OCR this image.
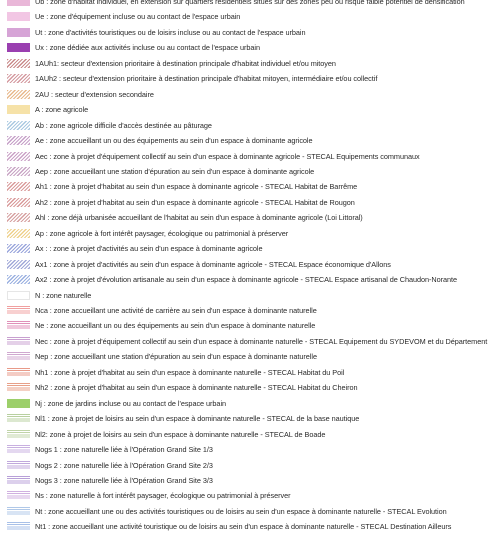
Ub : zone d'habitat individuel, en extension sur quartiers résidentiels situés sur des zones peu ou risque faible potentiel de densification
Ue : zone d'équipement incluse ou au contact de l'espace urbain
Ut : zone d'activités touristiques ou de loisirs incluse ou au contact de l'espace urbain
Ux : zone dédiée aux activités incluse ou au contact de l'espace urbain
1AUh1: secteur d'extension prioritaire à destination principale d'habitat individuel et/ou mitoyen
1AUh2 : secteur d'extension prioritaire à destination principale d'habitat mitoyen, intermédiaire et/ou collectif
2AU : secteur d'extension secondaire
A : zone agricole
Ab : zone agricole difficile d'accès destinée au pâturage
Ae : zone accueillant un ou des équipements au sein d'un espace à dominante agricole
Aec : zone à projet d'équipement collectif au sein d'un espace à dominante agricole - STECAL Equipements communaux
Aep : zone accueillant une station d'épuration au sein d'un espace à dominante agricole
Ah1 : zone à projet d'habitat au sein d'un espace à dominante agricole - STECAL Habitat de Barrême
Ah2 : zone à projet d'habitat au sein d'un espace à dominante agricole - STECAL Habitat de Rougon
Ahl : zone déjà urbanisée accueillant de l'habitat au sein d'un espace à dominante agricole (Loi Littoral)
Ap : zone agricole à fort intérêt paysager, écologique ou patrimonial à préserver
Ax : : zone à projet d'activités au sein d'un espace à dominante agricole
Ax1 : zone à projet d'activités au sein d'un espace à dominante agricole - STECAL Espace économique d'Allons
Ax2 : zone à projet d'évolution artisanale au sein d'un espace à dominante agricole - STECAL Espace artisanal de Chaudon-Norante
N : zone naturelle
Nca : zone accueillant une activité de carrière au sein d'un espace à dominante naturelle
Ne : zone accueillant un ou des équipements au sein d'un espace à dominante naturelle
Nec : zone à projet d'équipement collectif au sein d'un espace à dominante naturelle - STECAL Equipement du SYDEVOM et du Département
Nep : zone accueillant une station d'épuration au sein d'un espace à dominante naturelle
Nh1 : zone à projet d'habitat au sein d'un espace à dominante naturelle - STECAL Habitat du Poil
Nh2 : zone à projet d'habitat au sein d'un espace à dominante naturelle - STECAL Habitat du Cheiron
Nj : zone de jardins incluse ou au contact de l'espace urbain
Nl1 : zone à projet de loisirs au sein d'un espace à dominante naturelle - STECAL de la base nautique
Nl2: zone à projet de loisirs au sein d'un espace à dominante naturelle - STECAL de Boade
Nogs 1 : zone naturelle liée à l'Opération Grand Site 1/3
Nogs 2 : zone naturelle liée à l'Opération Grand Site 2/3
Nogs 3 : zone naturelle liée à l'Opération Grand Site 3/3
Ns : zone naturelle à fort intérêt paysager, écologique ou patrimonial à préserver
Nt : zone accueillant une ou des activités touristiques ou de loisirs au sein d'un espace à dominante naturelle - STECAL Evolution
Nt1 : zone accueillant une activité touristique ou de loisirs au sein d'un espace à dominante naturelle - STECAL Destination Ailleurs
